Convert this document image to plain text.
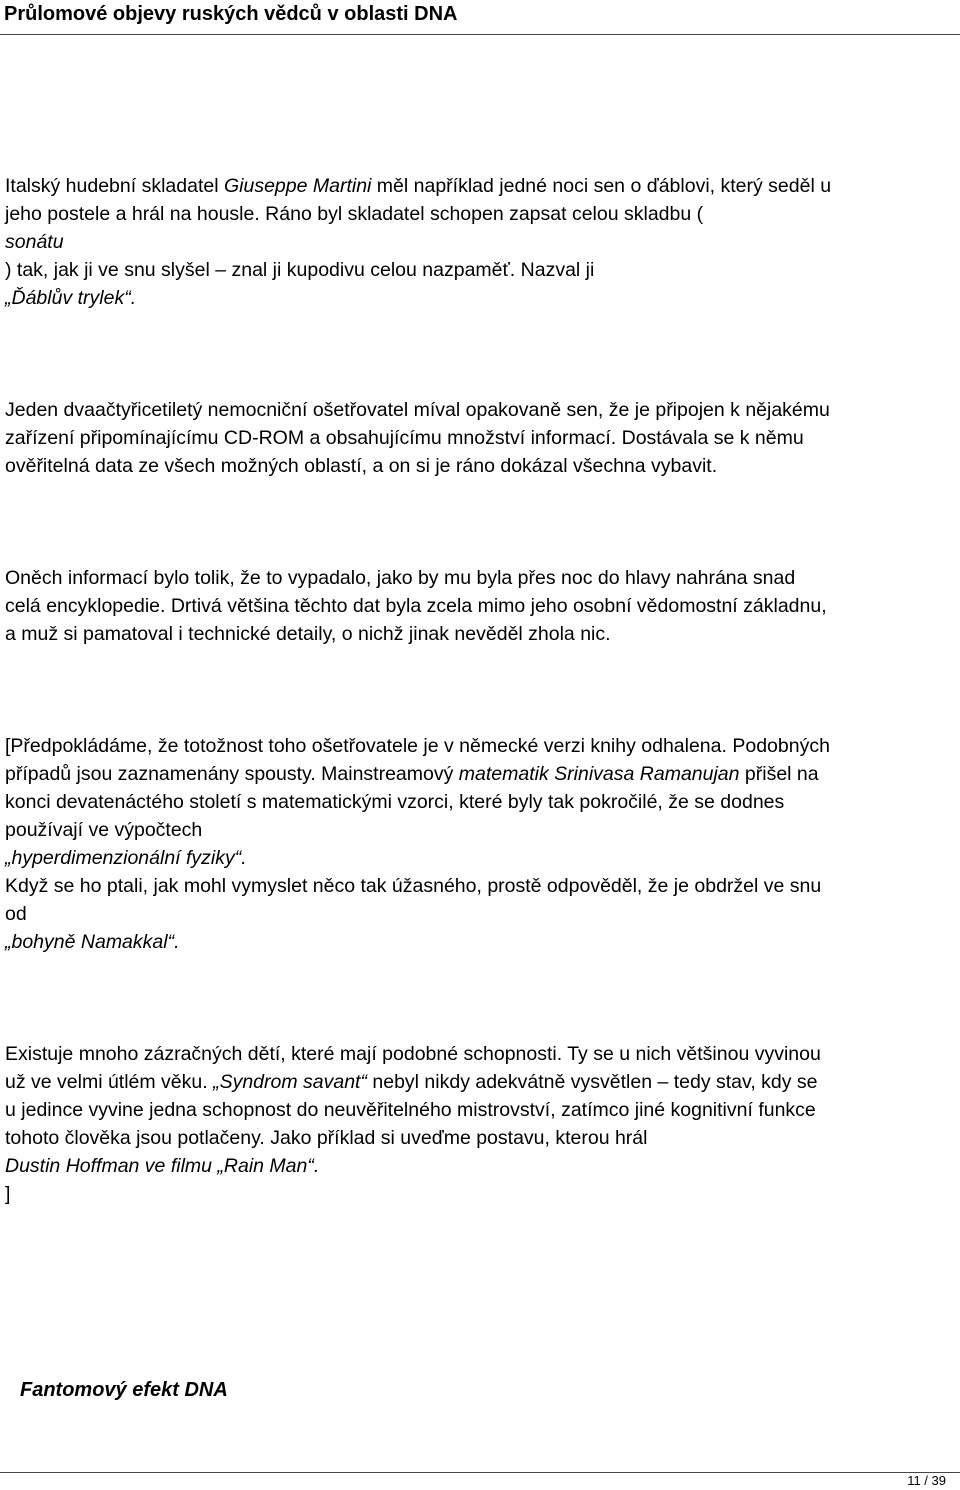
Průlomové objevy ruských vědců v oblasti DNA
Italský hudební skladatel Giuseppe Martini měl například jedné noci sen o ďáblovi, který seděl u
jeho postele a hrál na housle. Ráno byl skladatel schopen zapsat celou skladbu (
sonátu
) tak, jak ji ve snu slyšel – znal ji kupodivu celou nazpaměť. Nazval ji
„Ďáblův trylek“.
Jeden dvaačtyřicetiletý nemocniční ošetřovatel míval opakovaně sen, že je připojen k nějakému
zařízení připomínajícímu CD-ROM a obsahujícímu množství informací. Dostávala se k němu
ověřitelná data ze všech možných oblastí, a on si je ráno dokázal všechna vybavit.
Oněch informací bylo tolik, že to vypadalo, jako by mu byla přes noc do hlavy nahrána snad
celá encyklopedie. Drtivá většina těchto dat byla zcela mimo jeho osobní vědomostní základnu,
a muž si pamatoval i technické detaily, o nichž jinak nevěděl zhola nic.
[Předpokládáme, že totožnost toho ošetřovatele je v německé verzi knihy odhalena. Podobných
případů jsou zaznamenány spousty. Mainstreamový matematik Srinivasa Ramanujan přišel na
konci devatenáctého století s matematickými vzorci, které byly tak pokročilé, že se dodnes
používají ve výpočtech
„hyperdimenzionální fyziky“.
Když se ho ptali, jak mohl vymyslet něco tak úžasného, prostě odpověděl, že je obdržel ve snu
od
„bohyně Namakkal“.
Existuje mnoho zázračných dětí, které mají podobné schopnosti. Ty se u nich většinou vyvinou
už ve velmi útlém věku. „Syndrom savant“ nebyl nikdy adekvátně vysvětlen – tedy stav, kdy se
u jedince vyvine jedna schopnost do neuvěřitelného mistrovství, zatímco jiné kognitivní funkce
tohoto člověka jsou potlačeny. Jako příklad si uveďme postavu, kterou hrál
Dustin Hoffman ve filmu „Rain Man“.
]
Fantomový efekt DNA
11 / 39
